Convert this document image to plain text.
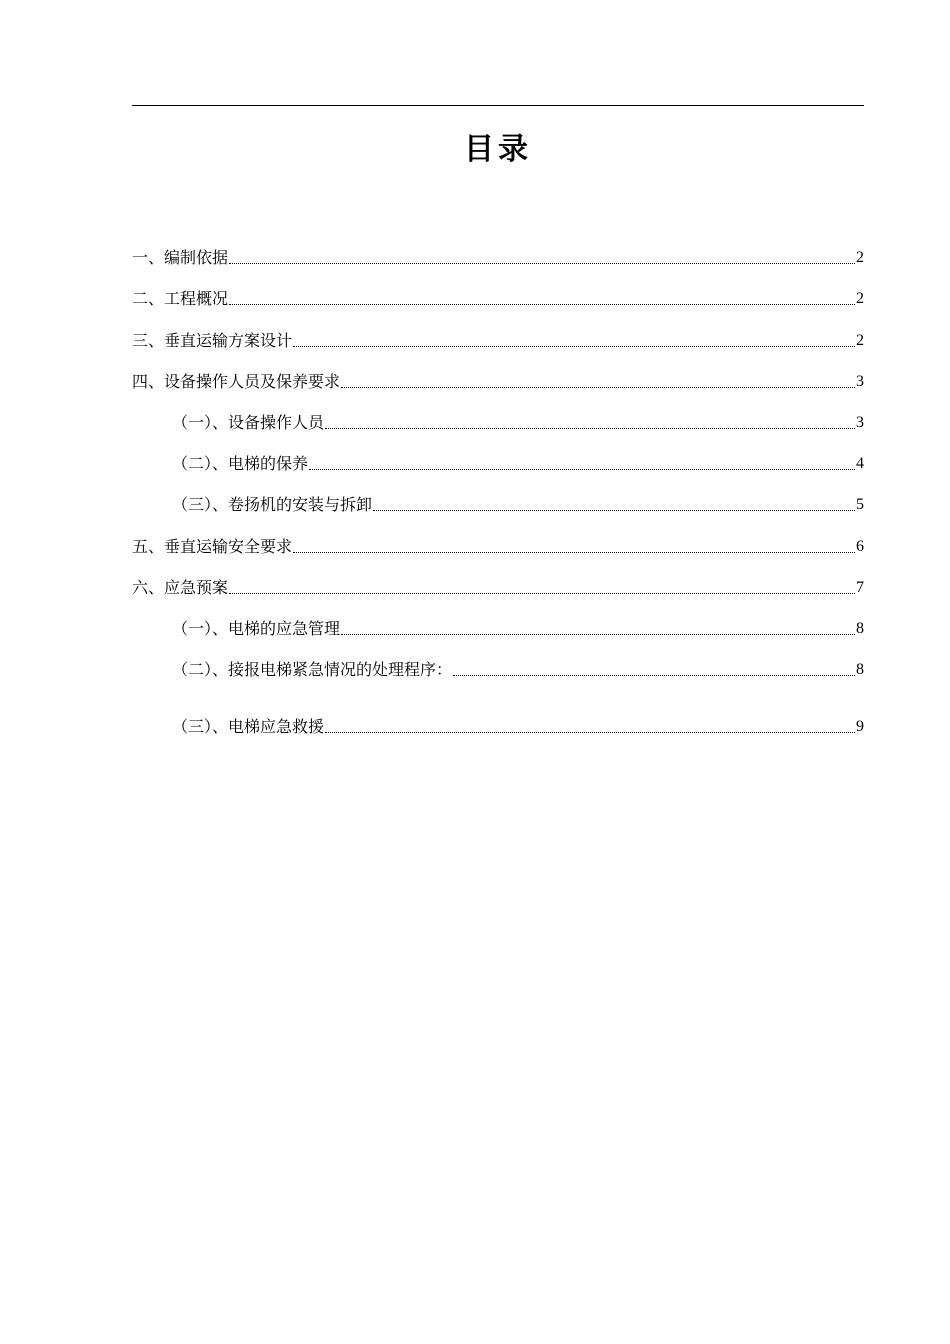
目录
一、编制依据	2
二、工程概况	2
三、垂直运输方案设计	2
四、设备操作人员及保养要求	3
（一）、设备操作人员	3
（二）、电梯的保养	4
（三）、卷扬机的安装与拆卸	5
五、垂直运输安全要求	6
六、应急预案	7
（一）、电梯的应急管理	8
（二）、接报电梯紧急情况的处理程序：	8
（三）、电梯应急救援	9
